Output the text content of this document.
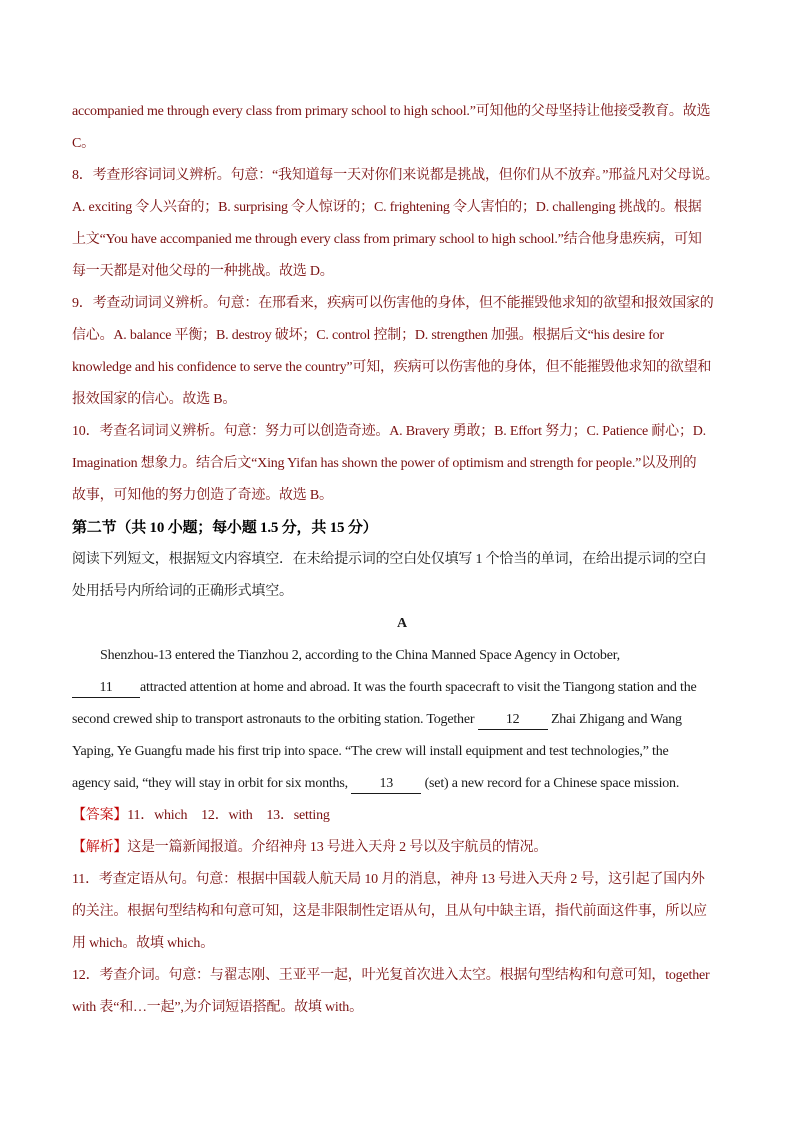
accompanied me through every class from primary school to high school.”可知他的父母坚持让他接受教育。故选
C。
8．考查形容词词义辨析。句意：“我知道每一天对你们来说都是挑战，但你们从不放弃。”邢益凡对父母说。
A. exciting 令人兴奋的；B. surprising 令人惊讶的；C. frightening 令人害怕的；D. challenging 挑战的。根据
上文“You have accompanied me through every class from primary school to high school.”结合他身患疾病，可知
每一天都是对他父母的一种挑战。故选 D。
9．考查动词词义辨析。句意：在邢看来，疾病可以伤害他的身体，但不能摧毁他求知的欲望和报效国家的
信心。A. balance 平衡；B. destroy 破坏；C. control 控制；D. strengthen 加强。根据后文“his desire for
knowledge and his confidence to serve the country”可知，疾病可以伤害他的身体，但不能摧毁他求知的欲望和
报效国家的信心。故选 B。
10．考查名词词义辨析。句意：努力可以创造奇迹。A. Bravery 勇敢；B. Effort 努力；C. Patience 耐心；D.
Imagination 想象力。结合后文“Xing Yifan has shown the power of optimism and strength for people.”以及刑的
故事，可知他的努力创造了奇迹。故选 B。
第二节（共 10 小题；每小题 1.5 分，共 15 分）
阅读下列短文，根据短文内容填空．在未给提示词的空白处仅填写 1 个恰当的单词，在给出提示词的空白
处用括号内所给词的正确形式填空。
A
Shenzhou-13 entered the Tianzhou 2, according to the China Manned Space Agency in October,
11 attracted attention at home and abroad. It was the fourth spacecraft to visit the Tiangong station and the
second crewed ship to transport astronauts to the orbiting station. Together 12 Zhai Zhigang and Wang
Yaping, Ye Guangfu made his first trip into space. “The crew will install equipment and test technologies,” the
agency said, “they will stay in orbit for six months, 13 (set) a new record for a Chinese space mission.
【答案】11．which　12．with　13．setting
【解析】这是一篇新闻报道。介绍神舟 13 号进入天舟 2 号以及宇航员的情况。
11．考查定语从句。句意：根据中国载人航天局 10 月的消息，神舟 13 号进入天舟 2 号，这引起了国内外
的关注。根据句型结构和句意可知，这是非限制性定语从句，且从句中缺主语，指代前面这件事，所以应
用 which。故填 which。
12．考查介词。句意：与翟志刚、王亚平一起，叶光复首次进入太空。根据句型结构和句意可知，together
with 表“和…一起”,为介词短语搭配。故填 with。
